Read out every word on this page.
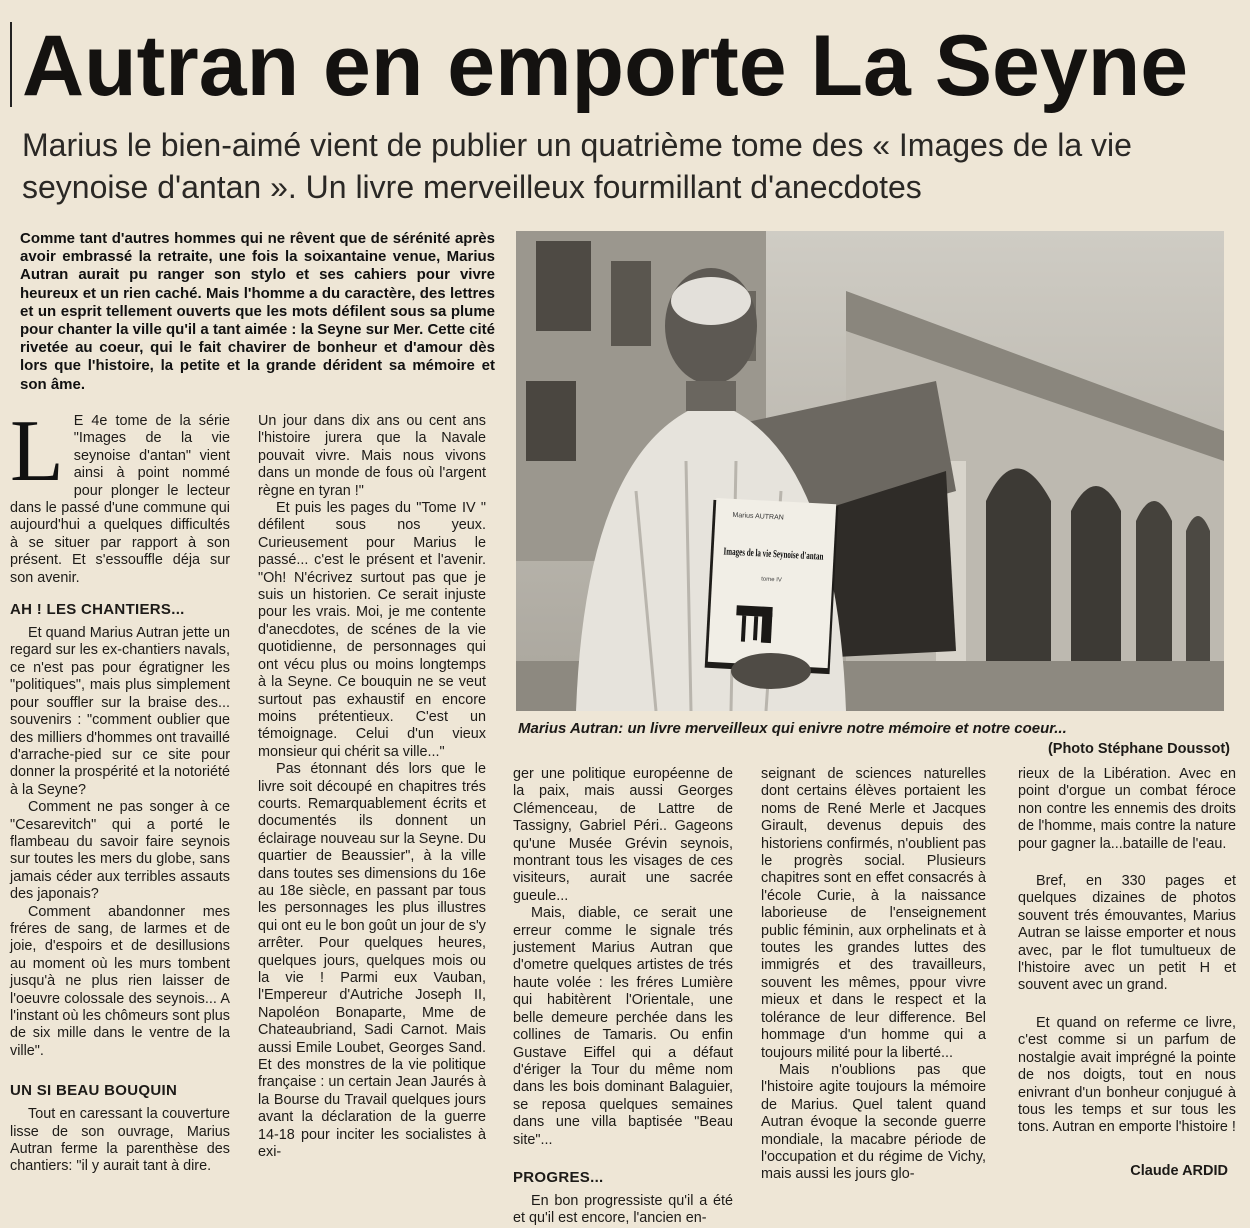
Autran en emporte La Seyne
Marius le bien-aimé vient de publier un quatrième tome des « Images de la vie seynoise d'antan ». Un livre merveilleux fourmillant d'anecdotes
Comme tant d'autres hommes qui ne rêvent que de sérénité après avoir embrassé la retraite, une fois la soixantaine venue, Marius Autran aurait pu ranger son stylo et ses cahiers pour vivre heureux et un rien caché. Mais l'homme a du caractère, des lettres et un esprit tellement ouverts que les mots défilent sous sa plume pour chanter la ville qu'il a tant aimée : la Seyne sur Mer. Cette cité rivetée au coeur, qui le fait chavirer de bonheur et d'amour dès lors que l'histoire, la petite et la grande dérident sa mémoire et son âme.

L E 4e tome de la série "Images de la vie seynoise d'antan" vient ainsi à point nommé pour plonger le lecteur dans le passé d'une commune qui aujourd'hui a quelques difficultés à se situer par rapport à son présent. Et s'essouffle déja sur son avenir.

AH ! LES CHANTIERS...

Et quand Marius Autran jette un regard sur les ex-chantiers navals, ce n'est pas pour égratigner les "politiques", mais plus simplement pour souffler sur la braise des... souvenirs : "comment oublier que des milliers d'hommes ont travaillé d'arrache-pied sur ce site pour donner la prospérité et la notoriété à la Seyne?

Comment ne pas songer à ce "Cesarevitch" qui a porté le flambeau du savoir faire seynois sur toutes les mers du globe, sans jamais céder aux terribles assauts des japonais?

Comment abandonner mes fréres de sang, de larmes et de joie, d'espoirs et de desillusions au moment où les murs tombent jusqu'à ne plus rien laisser de l'oeuvre colossale des seynois... A l'instant où les chômeurs sont plus de six mille dans le ventre de la ville".

UN SI BEAU BOUQUIN

Tout en caressant la couverture lisse de son ouvrage, Marius Autran ferme la parenthèse des chantiers: "il y aurait tant à dire.

Un jour dans dix ans ou cent ans l'histoire jurera que la Navale pouvait vivre. Mais nous vivons dans un monde de fous où l'argent règne en tyran !"

Et puis les pages du "Tome IV " défilent sous nos yeux. Curieusement pour Marius le passé... c'est le présent et l'avenir. "Oh! N'écrivez surtout pas que je suis un historien. Ce serait injuste pour les vrais. Moi, je me contente d'anecdotes, de scénes de la vie quotidienne, de personnages qui ont vécu plus ou moins longtemps à la Seyne. Ce bouquin ne se veut surtout pas exhaustif en encore moins prétentieux. C'est un témoignage. Celui d'un vieux monsieur qui chérit sa ville..."

Pas étonnant dés lors que le livre soit découpé en chapitres trés courts. Remarquablement écrits et documentés ils donnent un éclairage nouveau sur la Seyne. Du quartier de Beaussier", à la ville dans toutes ses dimensions du 16e au 18e siècle, en passant par tous les personnages les plus illustres qui ont eu le bon goût un jour de s'y arrêter. Pour quelques heures, quelques jours, quelques mois ou la vie ! Parmi eux Vauban, l'Empereur d'Autriche Joseph II, Napoléon Bonaparte, Mme de Chateaubriand, Sadi Carnot. Mais aussi Emile Loubet, Georges Sand. Et des monstres de la vie politique française : un certain Jean Jaurés à la Bourse du Travail quelques jours avant la déclaration de la guerre 14-18 pour inciter les socialistes à exi-

Marius AUTRAN
Images de la vie Seynoise d'antan
tome IV
Marius Autran: un livre merveilleux qui enivre notre mémoire et notre coeur...
(Photo Stéphane Doussot)

ger une politique européenne de la paix, mais aussi Georges Clémenceau, de Lattre de Tassigny, Gabriel Péri.. Gageons qu'une Musée Grévin seynois, montrant tous les visages de ces visiteurs, aurait une sacrée gueule...

Mais, diable, ce serait une erreur comme le signale trés justement Marius Autran que d'ometre quelques artistes de trés haute volée : les fréres Lumière qui habitèrent l'Orientale, une belle demeure perchée dans les collines de Tamaris. Ou enfin Gustave Eiffel qui a défaut d'ériger la Tour du même nom dans les bois dominant Balaguier, se reposa quelques semaines dans une villa baptisée "Beau site"...

PROGRES...

En bon progressiste qu'il a été et qu'il est encore, l'ancien en-

seignant de sciences naturelles dont certains élèves portaient les noms de René Merle et Jacques Girault, devenus depuis des historiens confirmés, n'oublient pas le progrès social. Plusieurs chapitres sont en effet consacrés à l'école Curie, à la naissance laborieuse de l'enseignement public féminin, aux orphelinats et à toutes les grandes luttes des immigrés et des travailleurs, souvent les mêmes, ppour vivre mieux et dans le respect et la tolérance de leur difference. Bel hommage d'un homme qui a toujours milité pour la liberté...

Mais n'oublions pas que l'histoire agite toujours la mémoire de Marius. Quel talent quand Autran évoque la seconde guerre mondiale, la macabre période de l'occupation et du régime de Vichy, mais aussi les jours glo-

rieux de la Libération. Avec en point d'orgue un combat féroce non contre les ennemis des droits de l'homme, mais contre la nature pour gagner la...bataille de l'eau.

Bref, en 330 pages et quelques dizaines de photos souvent trés émouvantes, Marius Autran se laisse emporter et nous avec, par le flot tumultueux de l'histoire avec un petit H et souvent avec un grand.

Et quand on referme ce livre, c'est comme si un parfum de nostalgie avait imprégné la pointe de nos doigts, tout en nous enivrant d'un bonheur conjugué à tous les temps et sur tous les tons. Autran en emporte l'histoire !

Claude ARDID
